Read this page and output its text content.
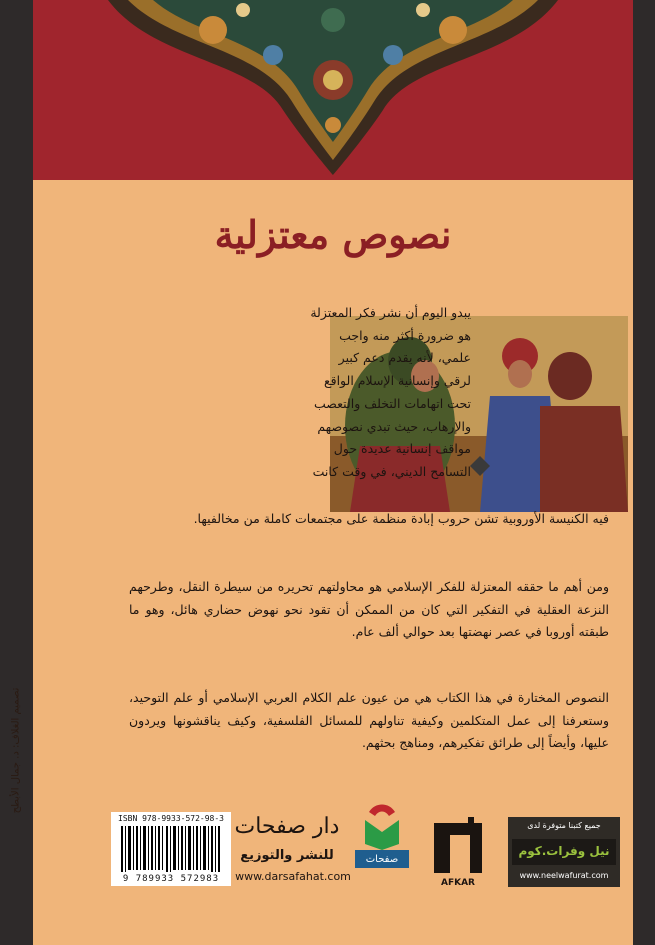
نصوص معتزلية
يبدو اليوم أن نشر فكر المعتزلة
هو ضرورة أكثر منه واجب
علمي، لأنه يقدم دعم كبير
لرقي وإنسانية الإسلام الواقع
تحت اتهامات التخلف والتعصب
والإرهاب، حيث تبدي نصوصهم
مواقف إنسانية عديدة حول
التسامح الديني، في وقت كانت
فيه الكنيسة الأوروبية تشن حروب إبادة منظمة على مجتمعات كاملة من مخالفيها.
ومن أهم ما حققه المعتزلة للفكر الإسلامي هو محاولتهم تحريره من سيطرة النقل، وطرحهم النزعة العقلية في التفكير التي كان من الممكن أن تقود نحو نهوض حضاري هائل، وهو ما طبقته أوروبا في عصر نهضتها بعد حوالي ألف عام.
النصوص المختارة في هذا الكتاب هي من عيون علم الكلام العربي الإسلامي أو علم التوحيد، وستعرفنا إلى عمل المتكلمين وكيفية تناولهم للمسائل الفلسفية، وكيف يناقشونها ويردون عليها، وأيضاً إلى طرائق تفكيرهم، ومناهج بحثهم.
ISBN 978-9933-572-98-3
9 789933 572983
دار صفحات
للنشر والتوزيع
www.darsafahat.com
صفحات
AFKAR
جميع كتبنا متوفرة لدى
نيل وفرات.كوم
www.neelwafurat.com
تصميم الغلاف: د. جمال الأبطح
